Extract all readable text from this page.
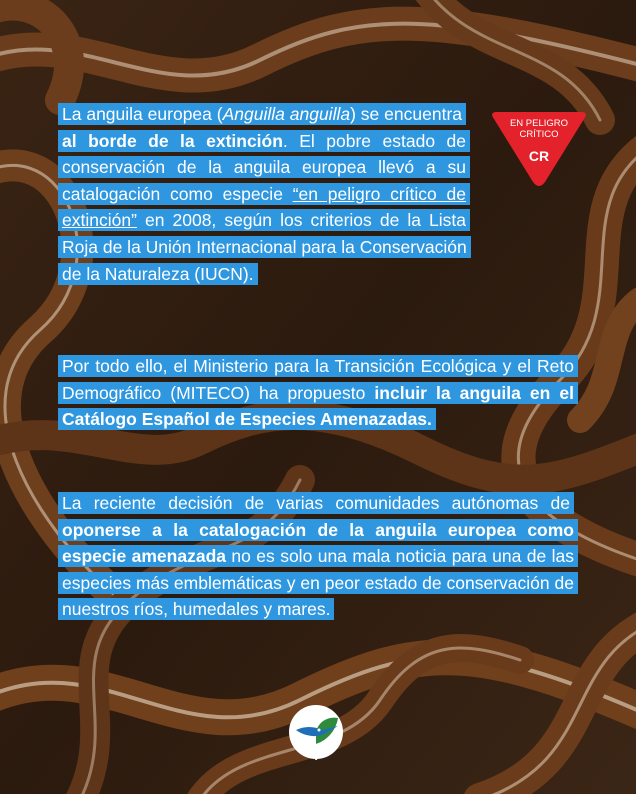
La anguila europea (Anguilla anguilla) se encuentra al borde de la extinción. El pobre estado de conservación de la anguila europea llevó a su catalogación como especie “en peligro crítico de extinción” en 2008, según los criterios de la Lista Roja de la Unión Internacional para la Conservación de la Naturaleza (IUCN).
Por todo ello, el Ministerio para la Transición Ecológica y el Reto Demográfico (MITECO) ha propuesto incluir la anguila en el Catálogo Español de Especies Amenazadas.
La reciente decisión de varias comunidades autónomas de oponerse a la catalogación de la anguila europea como especie amenazada no es solo una mala noticia para una de las especies más emblemáticas y en peor estado de conservación de nuestros ríos, humedales y mares.
EN PELIGRO
CRÍTICO
CR
